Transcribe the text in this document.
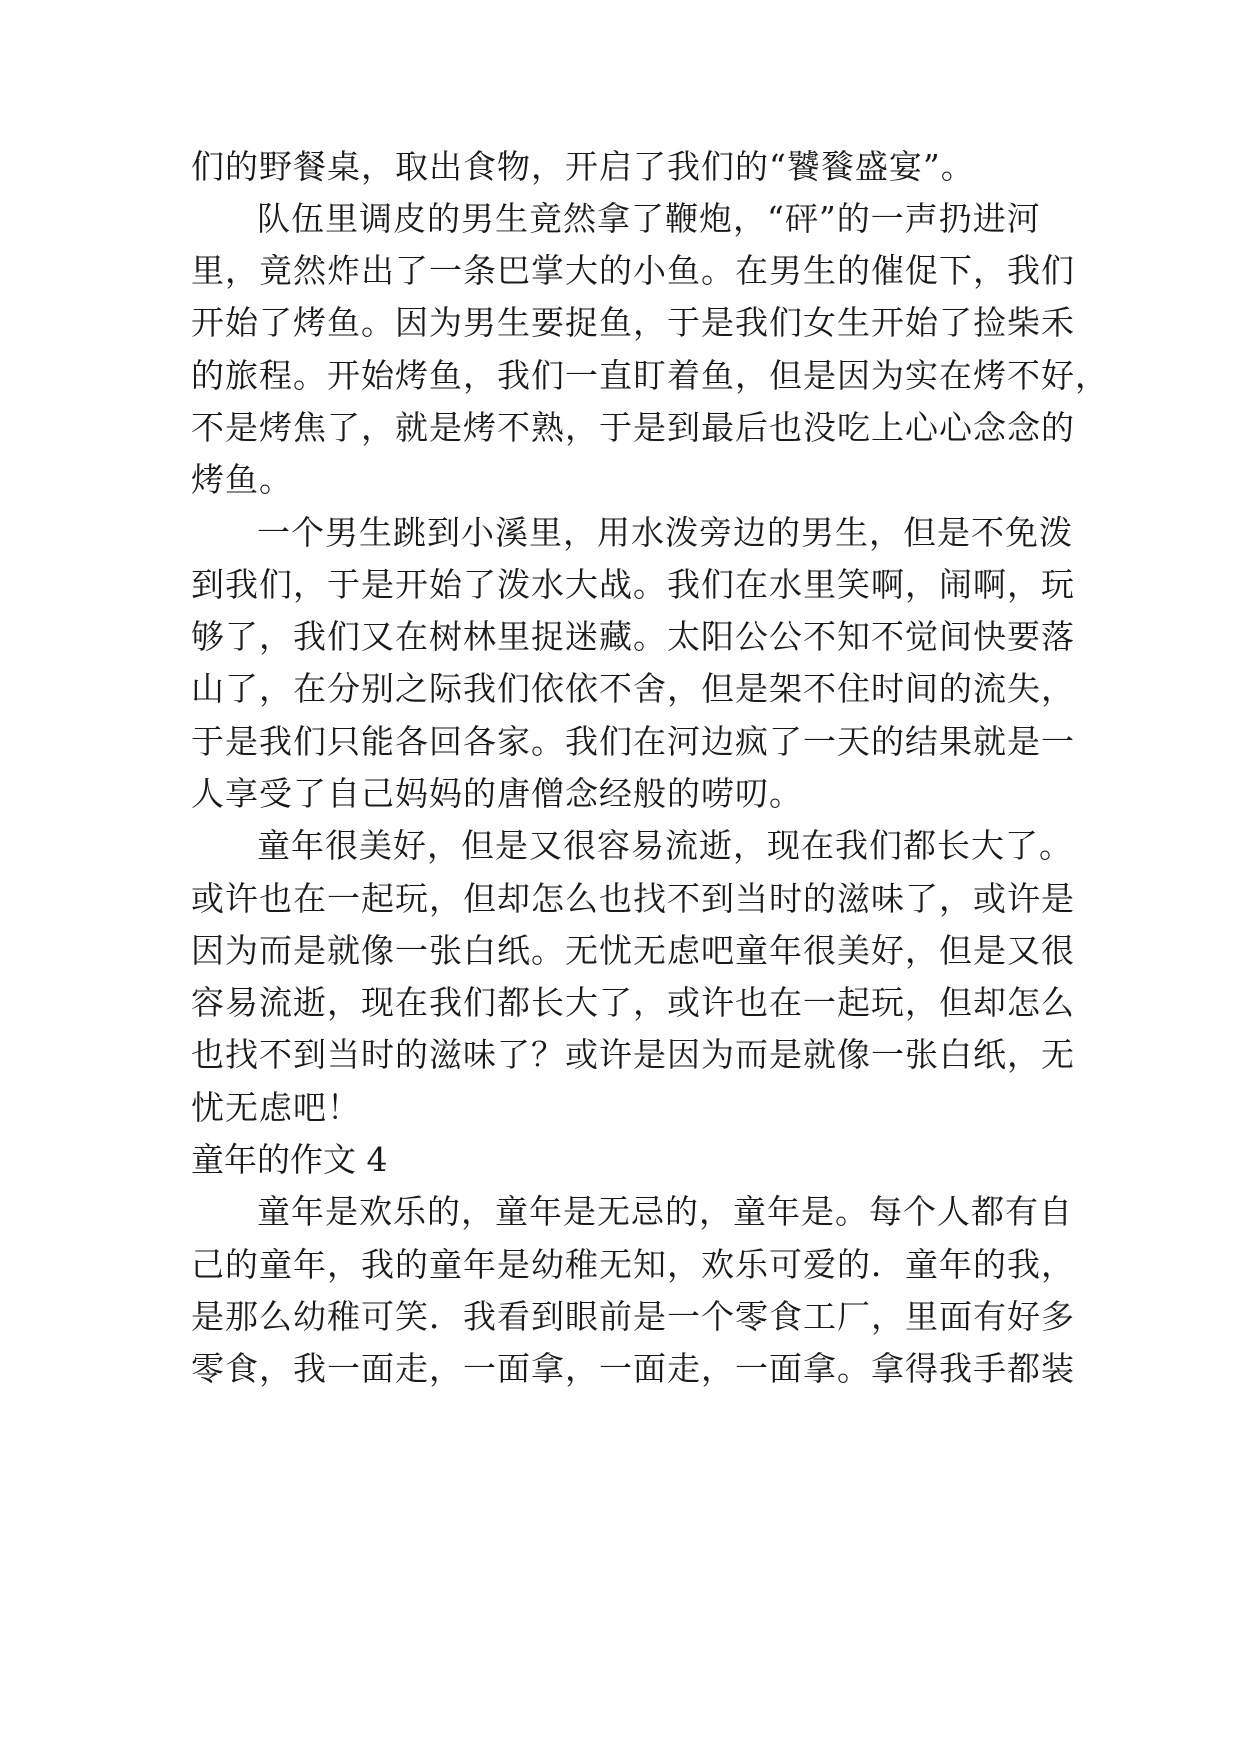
们的野餐桌，取出食物，开启了我们的“饕餮盛宴”。
队伍里调皮的男生竟然拿了鞭炮，“砰”的一声扔进河
里，竟然炸出了一条巴掌大的小鱼。在男生的催促下，我们
开始了烤鱼。因为男生要捉鱼，于是我们女生开始了捡柴禾
的旅程。开始烤鱼，我们一直盯着鱼，但是因为实在烤不好，
不是烤焦了，就是烤不熟，于是到最后也没吃上心心念念的
烤鱼。
一个男生跳到小溪里，用水泼旁边的男生，但是不免泼
到我们，于是开始了泼水大战。我们在水里笑啊，闹啊，玩
够了，我们又在树林里捉迷藏。太阳公公不知不觉间快要落
山了，在分别之际我们依依不舍，但是架不住时间的流失，
于是我们只能各回各家。我们在河边疯了一天的结果就是一
人享受了自己妈妈的唐僧念经般的唠叨。
童年很美好，但是又很容易流逝，现在我们都长大了。
或许也在一起玩，但却怎么也找不到当时的滋味了，或许是
因为而是就像一张白纸。无忧无虑吧童年很美好，但是又很
容易流逝，现在我们都长大了，或许也在一起玩，但却怎么
也找不到当时的滋味了？或许是因为而是就像一张白纸，无
忧无虑吧！
童年的作文 4
童年是欢乐的，童年是无忌的，童年是。每个人都有自
己的童年，我的童年是幼稚无知，欢乐可爱的．童年的我，
是那么幼稚可笑．我看到眼前是一个零食工厂，里面有好多
零食，我一面走，一面拿，一面走，一面拿。拿得我手都装
